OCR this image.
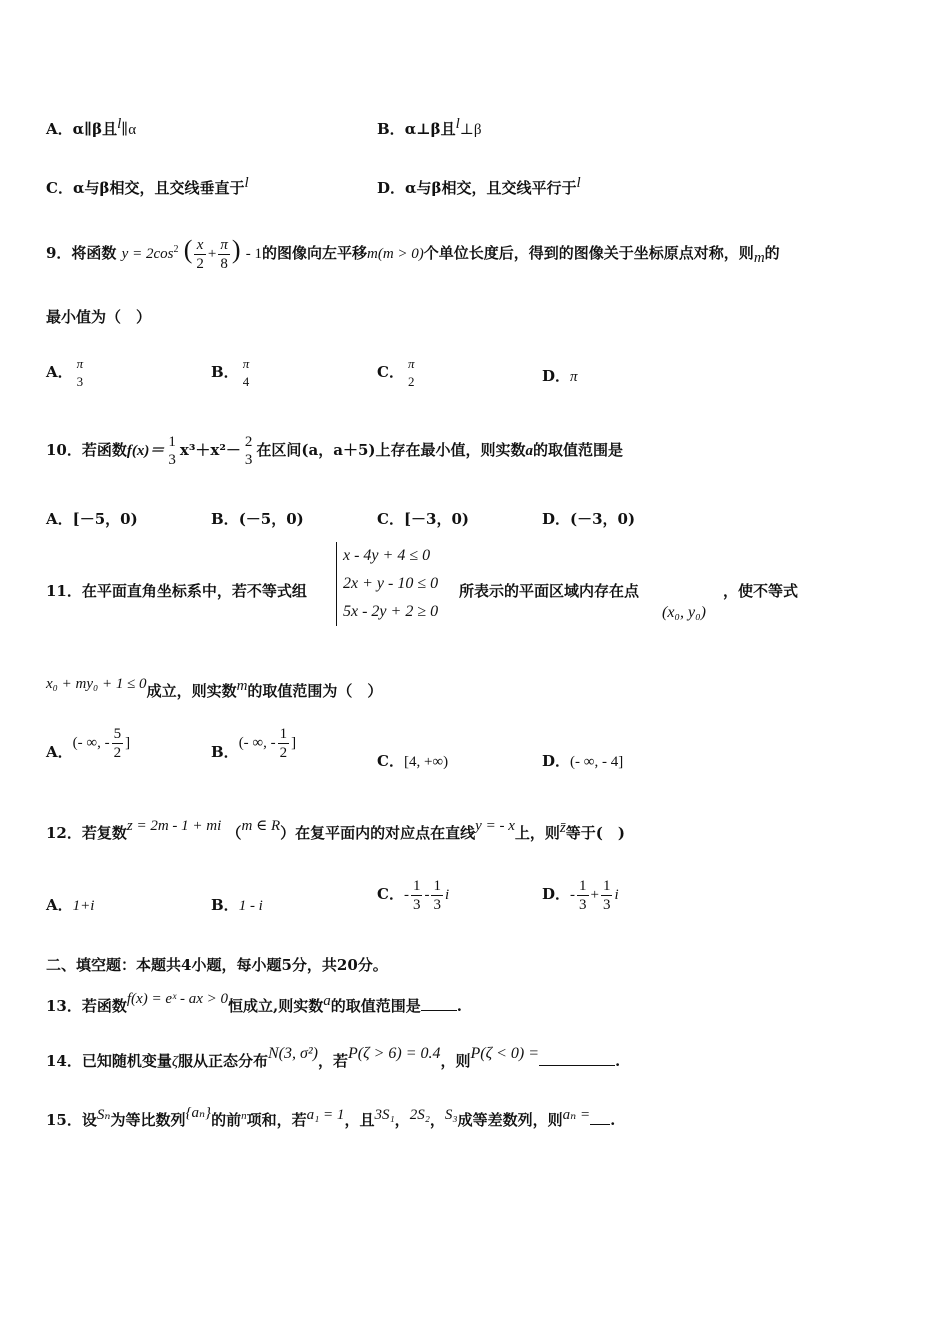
A．α∥β且$^l$∥α	B．α⊥β且$^l$⊥β
C．α与β相交，且交线垂直于$^l$	D．α与β相交，且交线平行于$^l$
9．将函数 $y = 2\cos^2$ ( $\frac{x}{2} + \frac{\pi}{8}$ ) - 1的图像向左平移m(m > 0)个单位长度后，得到的图像关于坐标原点对称，则$_m$的
最小值为（　）
A． π
3
B． π
4
C． π
2	D．π
10．若函数f(x)＝
1
3
x³＋x²－ 2
3
在区间(a，a＋5)上存在最小值，则实数a的取值范围是
A．[－5，0)	B．(－5，0)	C．[－3，0)	D．(－3，0)
11．在平面直角坐标系中，若不等式组
x - 4y + 4 ≤ 0
2x + y - 10 ≤ 0
5x - 2y + 2 ≥ 0
所表示的平面区域内存在点
(x₀, y₀)
，使不等式
x₀ + my₀ + 1 ≤ 0成立，则实数$^m$的取值范围为（　）
A．(- ∞, - $\frac{5}{2}$ ]	B．(- ∞, - $\frac{1}{2}$ ]
C．[4, +∞)	D．(- ∞, - 4]
12．若复数z = 2m - 1 + mi （m ∈ R）在复平面内的对应点在直线y = - x上，则z̄等于(　)
A．1+i	B．1 - i
C．- $\frac{1}{3} - \frac{1}{3}$ i	D．- $\frac{1}{3} + \frac{1}{3}$ i
二、填空题：本题共4小题，每小题5分，共20分。
13．若函数f(x) = eˣ - ax > 0恒成立,则实数$^a$的取值范围是 .
14．已知随机变量ζ服从正态分布N(3, σ²)，若P(ζ > 6) = 0.4，则P(ζ < 0) =	.
15．设Sₙ为等比数列{aₙ}的前$^n$项和，若a₁ = 1，且3S₁，2S₂，S₃成等差数列，则aₙ = .
